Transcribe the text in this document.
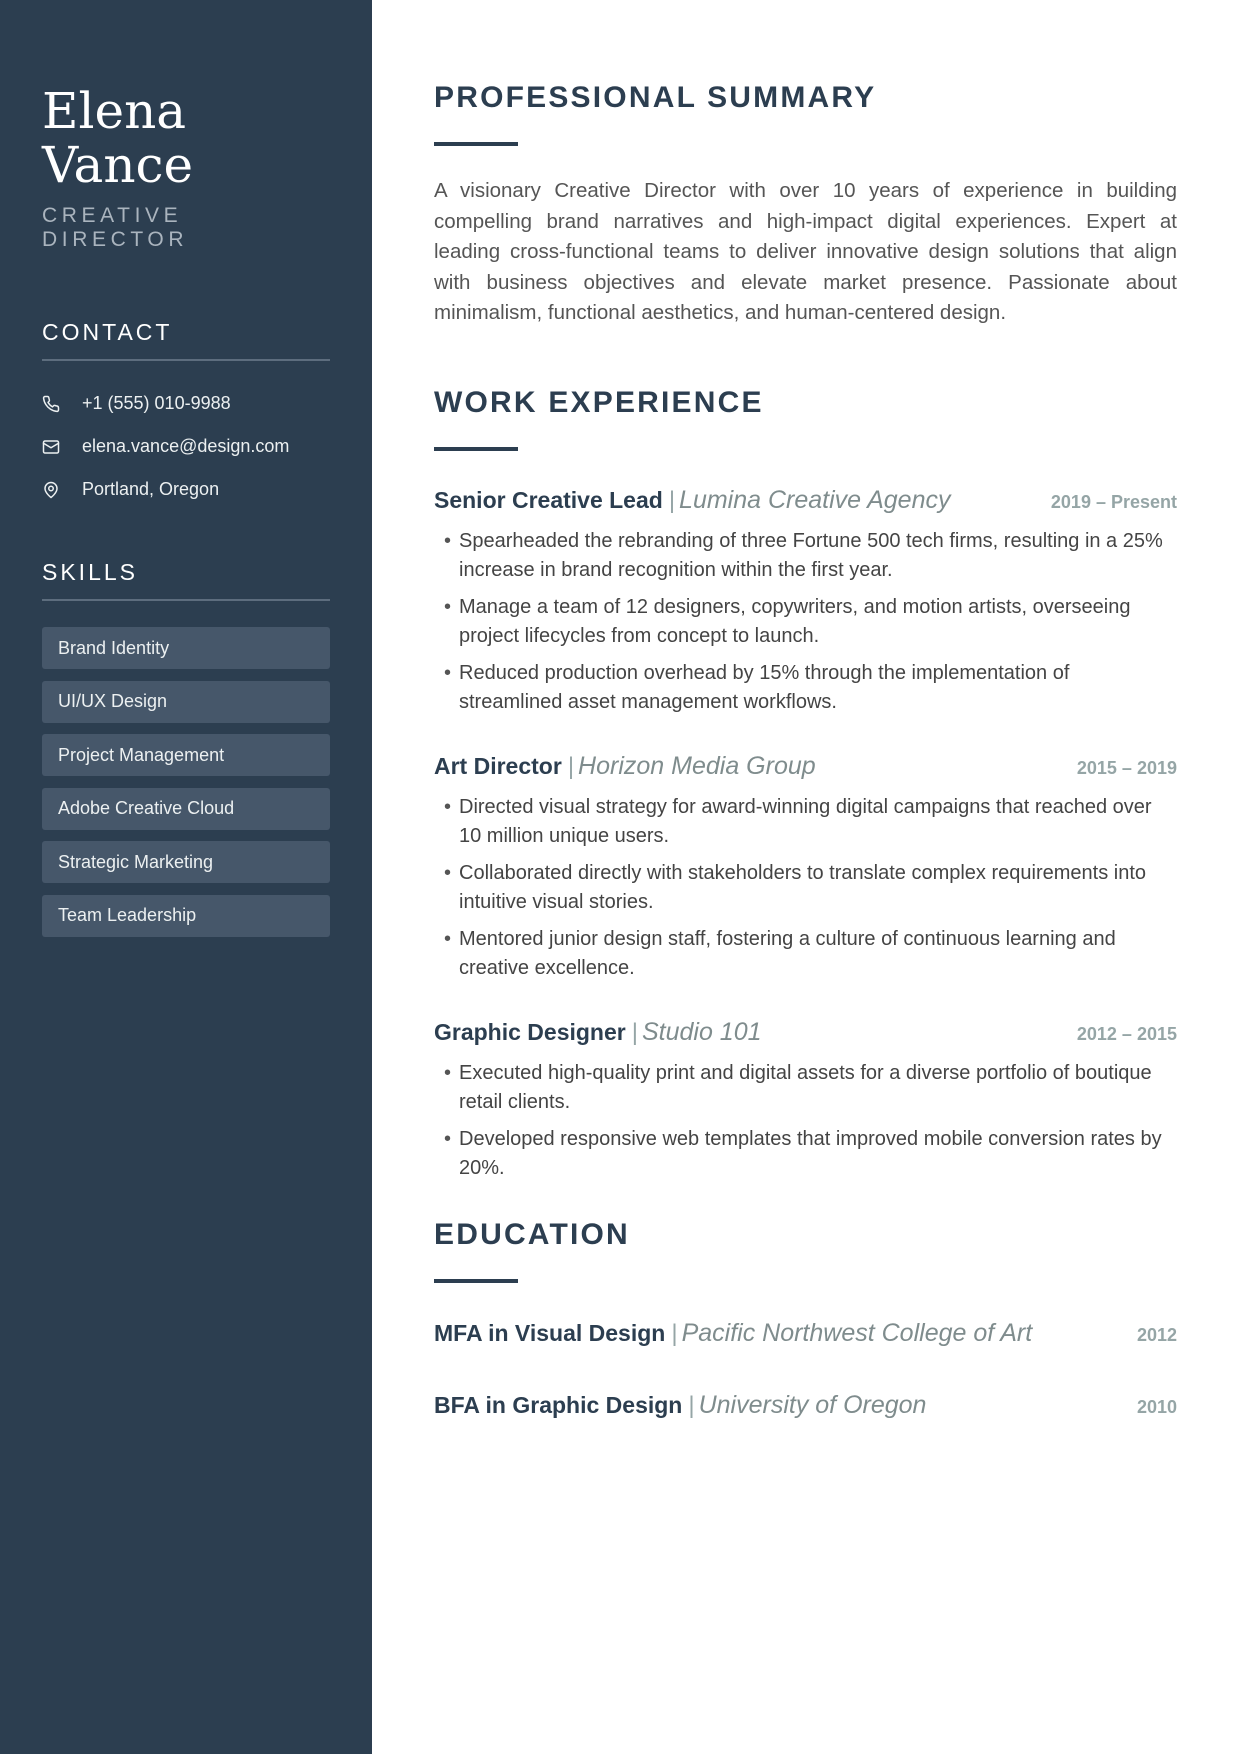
Elena
Vance
CREATIVE DIRECTOR
CONTACT
+1 (555) 010-9988
elena.vance@design.com
Portland, Oregon
SKILLS
Brand Identity
UI/UX Design
Project Management
Adobe Creative Cloud
Strategic Marketing
Team Leadership
PROFESSIONAL SUMMARY

A visionary Creative Director with over 10 years of experience in building compelling brand narratives and high-impact digital experiences. Expert at leading cross-functional teams to deliver innovative design solutions that align with business objectives and elevate market presence. Passionate about minimalism, functional aesthetics, and human-centered design.

WORK EXPERIENCE
Senior Creative Lead | Lumina Creative Agency	2019 – Present
• Spearheaded the rebranding of three Fortune 500 tech firms, resulting in a 25% increase in brand recognition within the first year.
• Manage a team of 12 designers, copywriters, and motion artists, overseeing project lifecycles from concept to launch.
• Reduced production overhead by 15% through the implementation of streamlined asset management workflows.
Art Director | Horizon Media Group	2015 – 2019
• Directed visual strategy for award-winning digital campaigns that reached over 10 million unique users.
• Collaborated directly with stakeholders to translate complex requirements into intuitive visual stories.
• Mentored junior design staff, fostering a culture of continuous learning and creative excellence.
Graphic Designer | Studio 101	2012 – 2015
• Executed high-quality print and digital assets for a diverse portfolio of boutique retail clients.
• Developed responsive web templates that improved mobile conversion rates by 20%.
EDUCATION
MFA in Visual Design | Pacific Northwest College of Art	2012
BFA in Graphic Design | University of Oregon	2010
